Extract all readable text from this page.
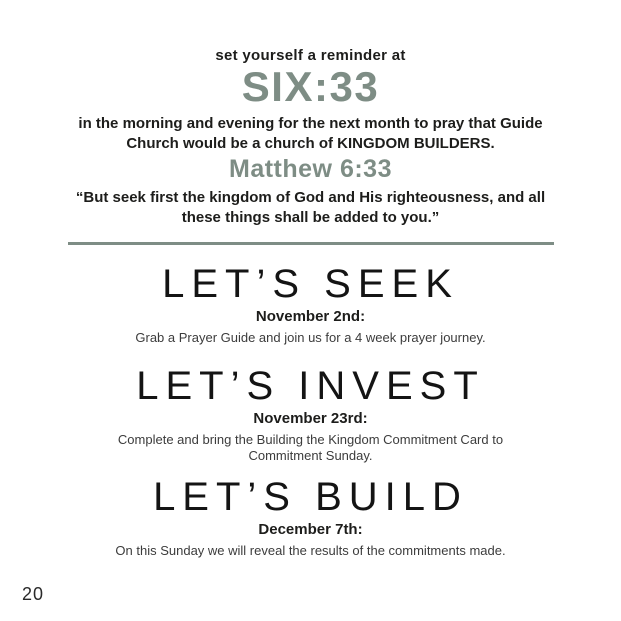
set yourself a reminder at
SIX:33
in the morning and evening for the next month to pray that Guide Church would be a church of KINGDOM BUILDERS.
Matthew 6:33
“But seek first the kingdom of God and His righteousness, and all these things shall be added to you.”
LET’S SEEK
November 2nd:
Grab a Prayer Guide and join us for a 4 week prayer journey.
LET’S INVEST
November 23rd:
Complete and bring the Building the Kingdom Commitment Card to Commitment Sunday.
LET’S BUILD
December 7th:
On this Sunday we will reveal the results of the commitments made.
20
